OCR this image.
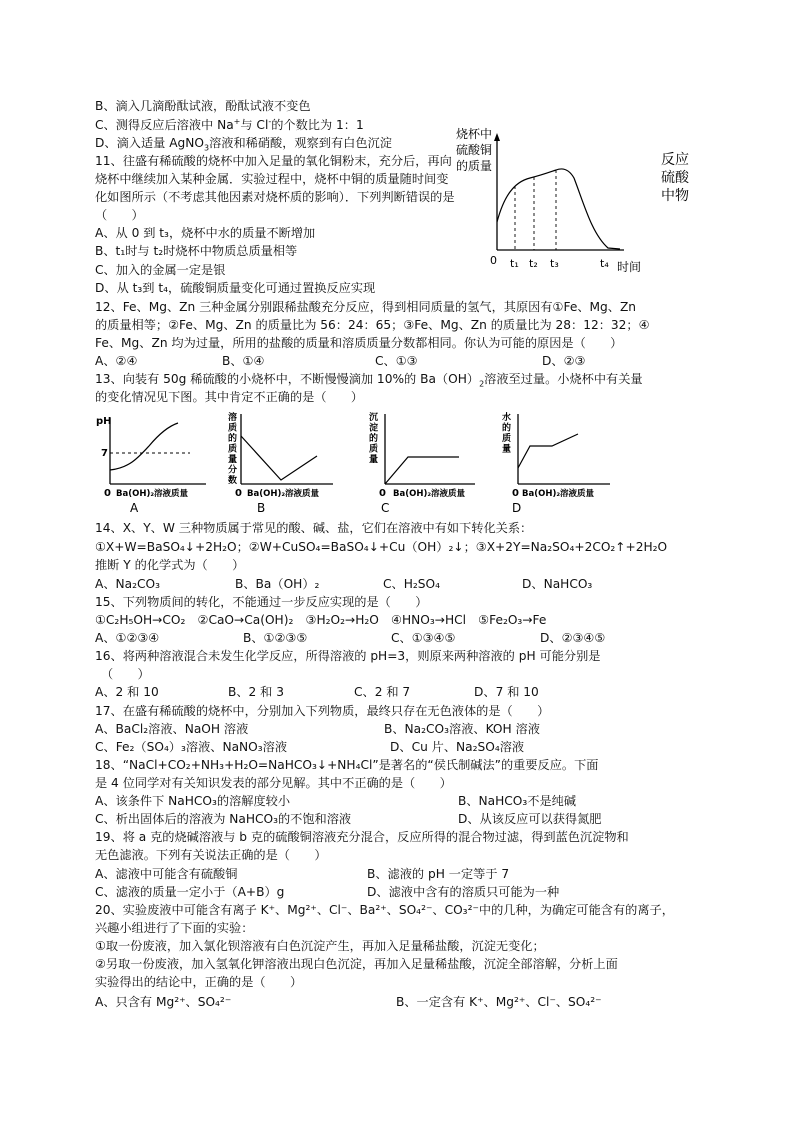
B、滴入几滴酚酞试液，酚酞试液不变色
C、测得反应后溶液中 Na+与 Cl-的个数比为 1：1
D、滴入适量 AgNO$_3$溶液和稀硝酸，观察到有白色沉淀
11、往盛有稀硫酸的烧杯中加入足量的氧化铜粉末，充分后，再向烧杯中继续加入某种金属．实验过程中，烧杯中铜的质量随时间变化如图所示（不考虑其他因素对烧杯质的影响）．下列判断错误的是（　　）
A、从 0 到 t₃，烧杯中水的质量不断增加
B、t₁时与 t₂时烧杯中物质总质量相等
C、加入的金属一定是银
D、从 t₃到 t₄，硫酸铜质量变化可通过置换反应实现
烧杯中
硫酸铜
的质量	反应
硫酸
中物
0 t₁ t₂ t₃	t₄ 时间
12、Fe、Mg、Zn 三种金属分别跟稀盐酸充分反应，得到相同质量的氢气，其原因有①Fe、Mg、Zn
的质量相等；②Fe、Mg、Zn 的质量比为 56：24：65；③Fe、Mg、Zn 的质量比为 28：12：32；④
Fe、Mg、Zn 均为过量，所用的盐酸的质量和溶质质量分数都相同。你认为可能的原因是（　　）
A、②④	B、①④	C、①③	D、②③
13、向装有 50g 稀硫酸的小烧杯中，不断慢慢滴加 10%的 $Ba(OH)_2$溶液至过量。小烧杯中有关量
的变化情况见下图。其中肯定不正确的是（　　）
pH
7
0 Ba(OH)₂溶液质量
A
溶质的质量分数
0 Ba(OH)₂溶液质量
B
沉淀的质量
0 Ba(OH)₂溶液质量
C
水的质量
0 Ba(OH)₂溶液质量
D
14、X、Y、W 三种物质属于常见的酸、碱、盐，它们在溶液中有如下转化关系：
①X+W=BaSO₄↓+2H₂O；②W+CuSO₄=BaSO₄↓+Cu（OH）₂↓；③X+2Y=Na₂SO₄+2CO₂↑+2H₂O
推断 Y 的化学式为（　　）
A、Na₂CO₃	B、Ba（OH）₂	C、H₂SO₄	D、NaHCO₃
15、下列物质间的转化，不能通过一步反应实现的是（　　）
①C₂H₅OH→CO₂　②CaO→Ca(OH)₂　③H₂O₂→H₂O　④HNO₃→HCl　⑤Fe₂O₃→Fe
A、①②③④	B、①②③⑤	C、①③④⑤	D、②③④⑤
16、将两种溶液混合未发生化学反应，所得溶液的 pH=3，则原来两种溶液的 pH 可能分别是
（　　）
A、2 和 10	B、2 和 3	C、2 和 7	D、7 和 10
17、在盛有稀硫酸的烧杯中，分别加入下列物质，最终只存在无色液体的是（　　）
A、BaCl₂溶液、NaOH 溶液	B、Na₂CO₃溶液、KOH 溶液
C、Fe₂（SO₄）₃溶液、NaNO₃溶液	D、Cu 片、Na₂SO₄溶液
18、“NaCl+CO₂+NH₃+H₂O=NaHCO₃↓+NH₄Cl”是著名的“侯氏制碱法”的重要反应。下面
是 4 位同学对有关知识发表的部分见解。其中不正确的是（　　）
A、该条件下 NaHCO₃的溶解度较小	B、NaHCO₃不是纯碱
C、析出固体后的溶液为 NaHCO₃的不饱和溶液	D、从该反应可以获得氮肥
19、将 a 克的烧碱溶液与 b 克的硫酸铜溶液充分混合，反应所得的混合物过滤，得到蓝色沉淀物和
无色滤液。下列有关说法正确的是（　　）
A、滤液中可能含有硫酸铜	B、滤液的 pH 一定等于 7
C、滤液的质量一定小于（A+B）g	D、滤液中含有的溶质只可能为一种
20、实验废液中可能含有离子 K⁺、Mg²⁺、Cl⁻、Ba²⁺、SO₄²⁻、CO₃²⁻中的几种，为确定可能含有的离子，
兴趣小组进行了下面的实验：
①取一份废液，加入氯化钡溶液有白色沉淀产生，再加入足量稀盐酸，沉淀无变化；
②另取一份废液，加入氢氧化钾溶液出现白色沉淀，再加入足量稀盐酸，沉淀全部溶解，分析上面
实验得出的结论中，正确的是（　　）
A、只含有 Mg²⁺、SO₄²⁻	B、一定含有 K⁺、Mg²⁺、Cl⁻、SO₄²⁻
